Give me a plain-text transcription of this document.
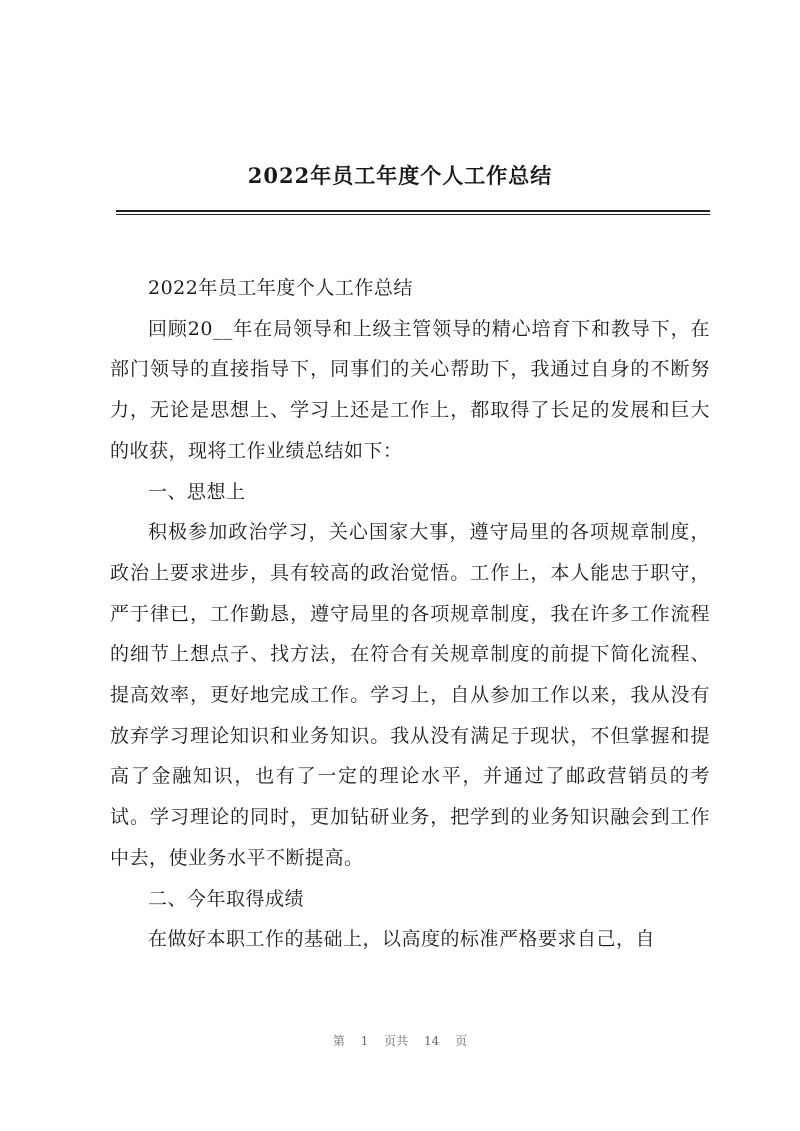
2022年员工年度个人工作总结

2022年员工年度个人工作总结

回顾20__年在局领导和上级主管领导的精心培育下和教导下，在部门领导的直接指导下，同事们的关心帮助下，我通过自身的不断努力，无论是思想上、学习上还是工作上，都取得了长足的发展和巨大的收获，现将工作业绩总结如下：

一、思想上

积极参加政治学习，关心国家大事，遵守局里的各项规章制度，政治上要求进步，具有较高的政治觉悟。工作上，本人能忠于职守，严于律已，工作勤恳，遵守局里的各项规章制度，我在许多工作流程的细节上想点子、找方法，在符合有关规章制度的前提下简化流程、提高效率，更好地完成工作。学习上，自从参加工作以来，我从没有放弃学习理论知识和业务知识。我从没有满足于现状，不但掌握和提高了金融知识，也有了一定的理论水平，并通过了邮政营销员的考试。学习理论的同时，更加钻研业务，把学到的业务知识融会到工作中去，使业务水平不断提高。

二、今年取得成绩

在做好本职工作的基础上，以高度的标准严格要求自己，自

第 1 页共 14 页
